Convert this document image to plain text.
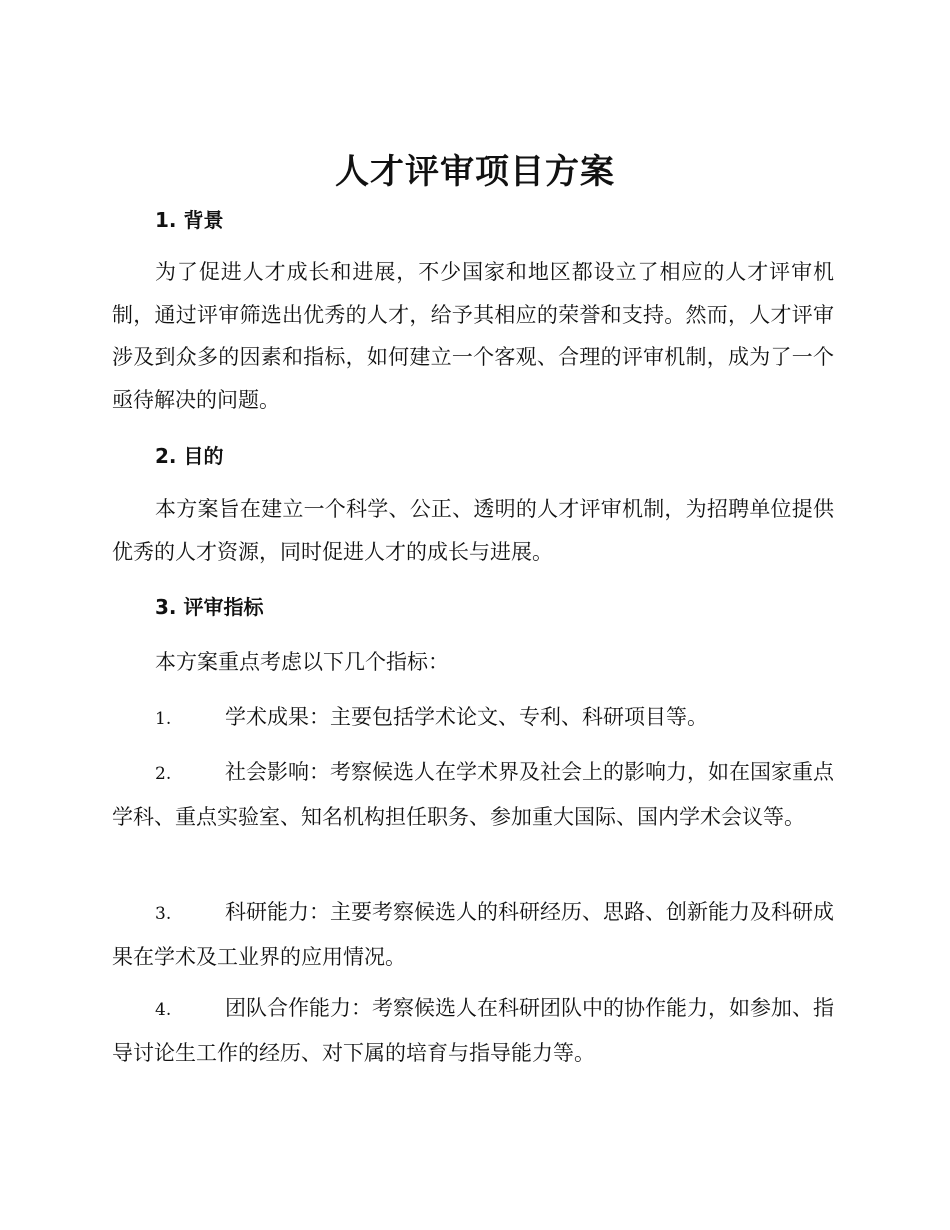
人才评审项目方案
1. 背景
为了促进人才成长和进展，不少国家和地区都设立了相应的人才评审机制，通过评审筛选出优秀的人才，给予其相应的荣誉和支持。然而，人才评审涉及到众多的因素和指标，如何建立一个客观、合理的评审机制，成为了一个亟待解决的问题。
2. 目的
本方案旨在建立一个科学、公正、透明的人才评审机制，为招聘单位提供优秀的人才资源，同时促进人才的成长与进展。
3. 评审指标
本方案重点考虑以下几个指标：
1.	学术成果：主要包括学术论文、专利、科研项目等。
2.	社会影响：考察候选人在学术界及社会上的影响力，如在国家重点学科、重点实验室、知名机构担任职务、参加重大国际、国内学术会议等。
3.	科研能力：主要考察候选人的科研经历、思路、创新能力及科研成果在学术及工业界的应用情况。
4.	团队合作能力：考察候选人在科研团队中的协作能力，如参加、指导讨论生工作的经历、对下属的培育与指导能力等。
